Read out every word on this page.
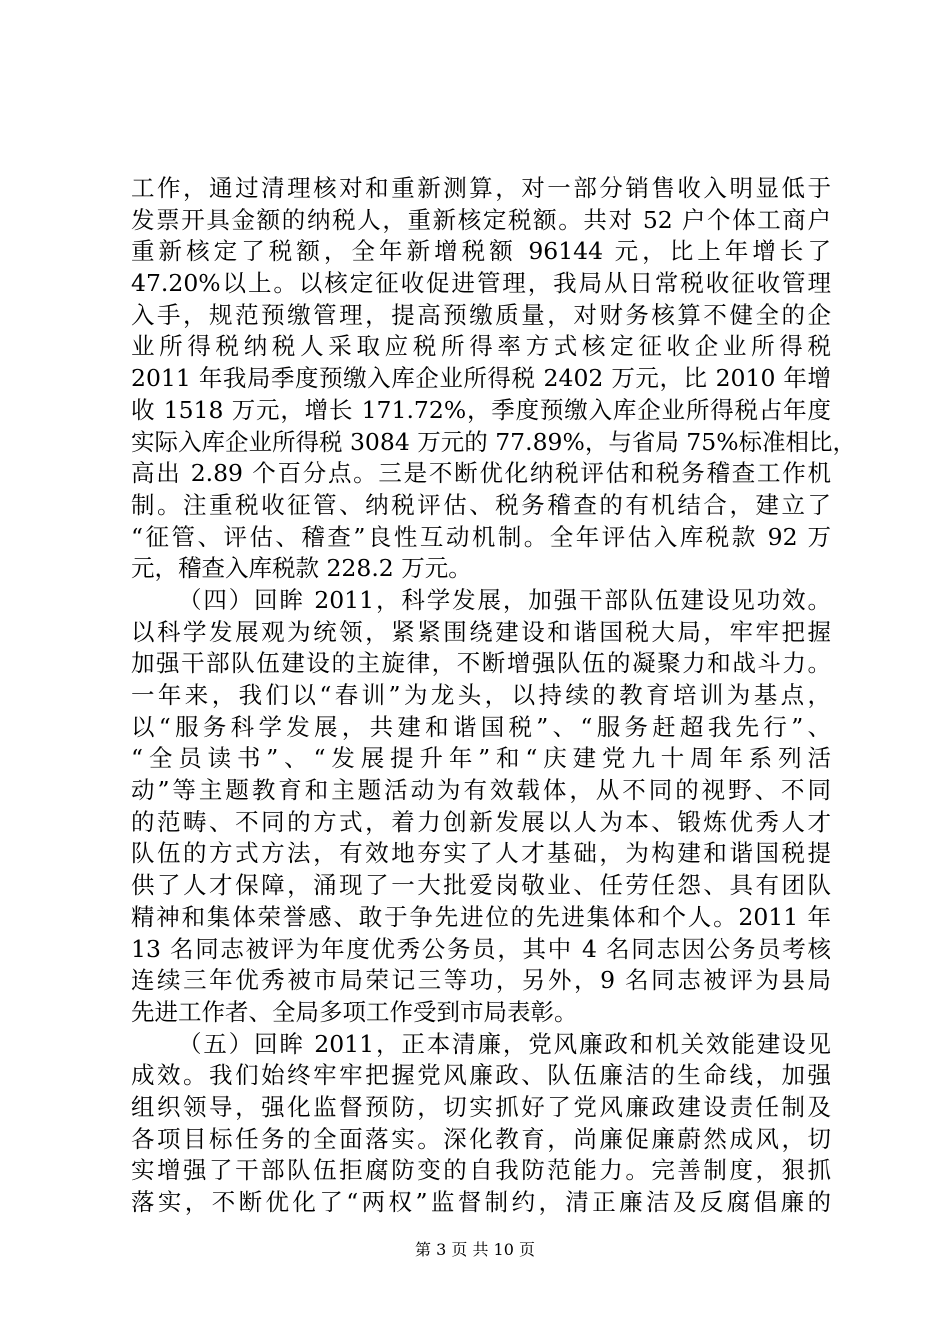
工作，通过清理核对和重新测算，对一部分销售收入明显低于
发票开具金额的纳税人，重新核定税额。共对 52 户个体工商户
重新核定了税额，全年新增税额 96144 元，比上年增长了
47.20%以上。以核定征收促进管理，我局从日常税收征收管理
入手，规范预缴管理，提高预缴质量，对财务核算不健全的企
业所得税纳税人采取应税所得率方式核定征收企业所得税
2011 年我局季度预缴入库企业所得税 2402 万元，比 2010 年增
收 1518 万元，增长 171.72%，季度预缴入库企业所得税占年度
实际入库企业所得税 3084 万元的 77.89%，与省局 75%标准相比，
高出 2.89 个百分点。三是不断优化纳税评估和税务稽查工作机
制。注重税收征管、纳税评估、税务稽查的有机结合，建立了
“征管、评估、稽查”良性互动机制。全年评估入库税款 92 万
元，稽查入库税款 228.2 万元。
（四）回眸 2011，科学发展，加强干部队伍建设见功效。
以科学发展观为统领，紧紧围绕建设和谐国税大局，牢牢把握
加强干部队伍建设的主旋律，不断增强队伍的凝聚力和战斗力。
一年来，我们以“春训”为龙头，以持续的教育培训为基点，
以“服务科学发展，共建和谐国税”、“服务赶超我先行”、
“全员读书”、“发展提升年”和“庆建党九十周年系列活
动”等主题教育和主题活动为有效载体，从不同的视野、不同
的范畴、不同的方式，着力创新发展以人为本、锻炼优秀人才
队伍的方式方法，有效地夯实了人才基础，为构建和谐国税提
供了人才保障，涌现了一大批爱岗敬业、任劳任怨、具有团队
精神和集体荣誉感、敢于争先进位的先进集体和个人。2011 年
13 名同志被评为年度优秀公务员，其中 4 名同志因公务员考核
连续三年优秀被市局荣记三等功，另外，9 名同志被评为县局
先进工作者、全局多项工作受到市局表彰。
（五）回眸 2011，正本清廉，党风廉政和机关效能建设见
成效。我们始终牢牢把握党风廉政、队伍廉洁的生命线，加强
组织领导，强化监督预防，切实抓好了党风廉政建设责任制及
各项目标任务的全面落实。深化教育，尚廉促廉蔚然成风，切
实增强了干部队伍拒腐防变的自我防范能力。完善制度，狠抓
落实，不断优化了“两权”监督制约，清正廉洁及反腐倡廉的
第 3 页 共 10 页
